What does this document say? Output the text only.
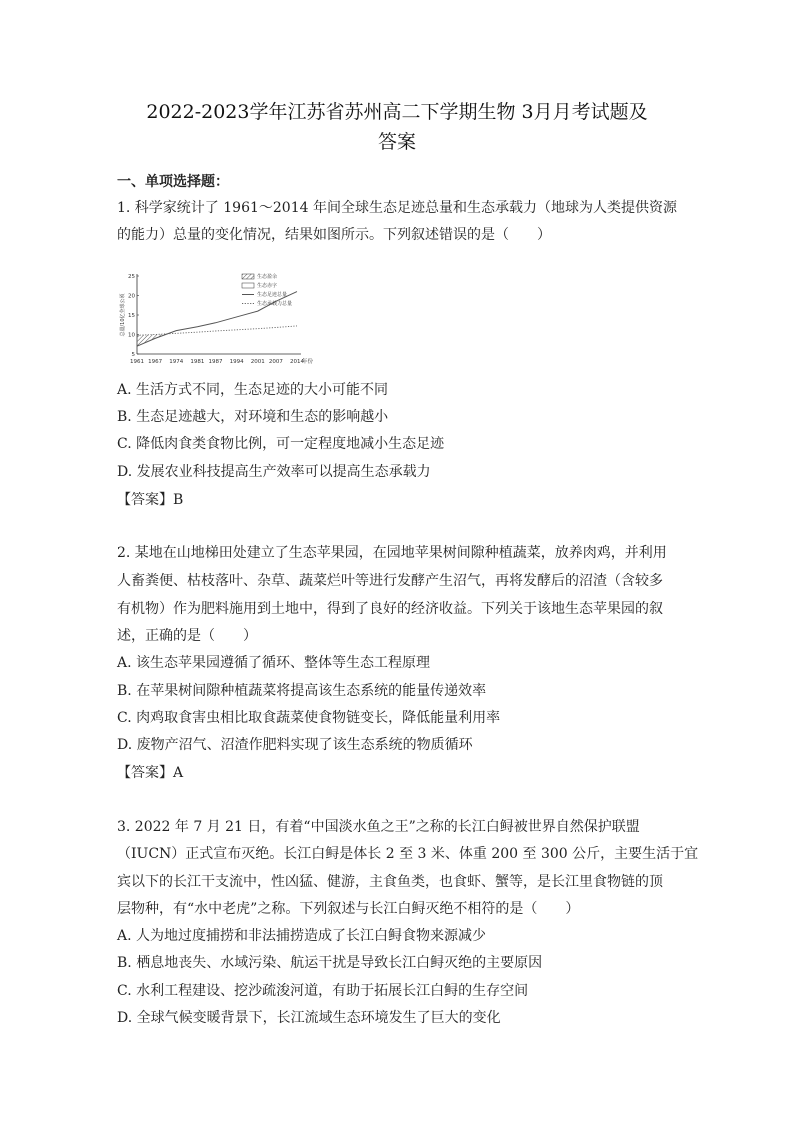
2022-2023学年江苏省苏州高二下学期生物 3月月考试题及
答案
一、单项选择题：
1. 科学家统计了 1961～2014 年间全球生态足迹总量和生态承载力（地球为人类提供资源
的能力）总量的变化情况，结果如图所示。下列叙述错误的是（　　）
总量/10亿全球公顷
5
10
15
20
25
1961 1967 1974 1981 1987 1994 2001 2007 2014
年份
生态盈余
生态赤字
生态足迹总量
生态承载力总量
A. 生活方式不同，生态足迹的大小可能不同
B. 生态足迹越大，对环境和生态的影响越小
C. 降低肉食类食物比例，可一定程度地减小生态足迹
D. 发展农业科技提高生产效率可以提高生态承载力
【答案】B
2. 某地在山地梯田处建立了生态苹果园，在园地苹果树间隙种植蔬菜，放养肉鸡，并利用
人畜粪便、枯枝落叶、杂草、蔬菜烂叶等进行发酵产生沼气，再将发酵后的沼渣（含较多
有机物）作为肥料施用到土地中，得到了良好的经济收益。下列关于该地生态苹果园的叙
述，正确的是（　　）
A. 该生态苹果园遵循了循环、整体等生态工程原理
B. 在苹果树间隙种植蔬菜将提高该生态系统的能量传递效率
C. 肉鸡取食害虫相比取食蔬菜使食物链变长，降低能量利用率
D. 废物产沼气、沼渣作肥料实现了该生态系统的物质循环
【答案】A
3. 2022 年 7 月 21 日，有着“中国淡水鱼之王”之称的长江白鲟被世界自然保护联盟
（IUCN）正式宣布灭绝。长江白鲟是体长 2 至 3 米、体重 200 至 300 公斤，主要生活于宜
宾以下的长江干支流中，性凶猛、健游，主食鱼类，也食虾、蟹等，是长江里食物链的顶
层物种，有“水中老虎”之称。下列叙述与长江白鲟灭绝不相符的是（　　）
A. 人为地过度捕捞和非法捕捞造成了长江白鲟食物来源减少
B. 栖息地丧失、水域污染、航运干扰是导致长江白鲟灭绝的主要原因
C. 水利工程建设、挖沙疏浚河道，有助于拓展长江白鲟的生存空间
D. 全球气候变暖背景下，长江流域生态环境发生了巨大的变化
